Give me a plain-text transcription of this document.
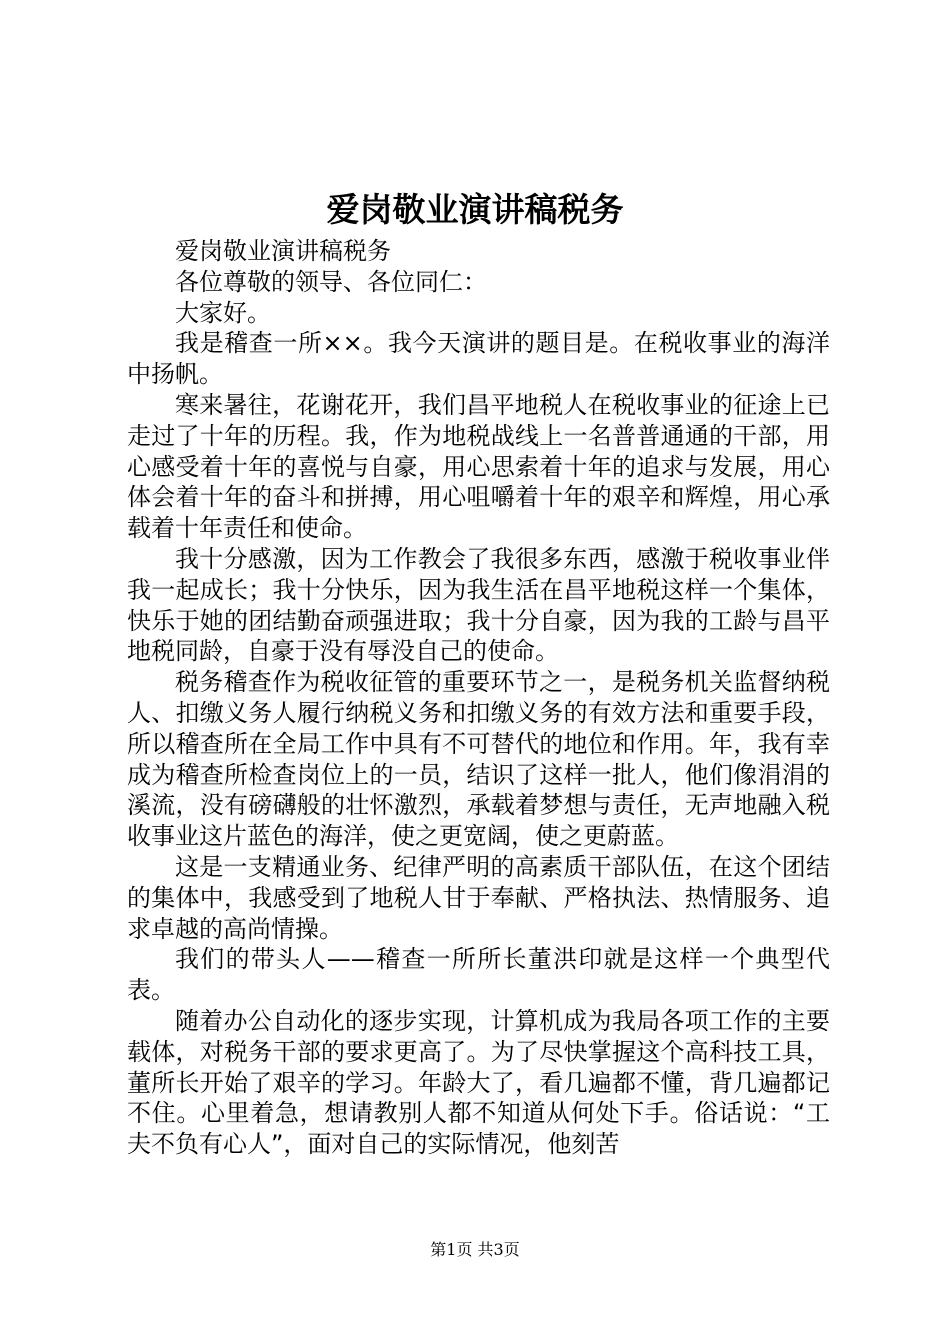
爱岗敬业演讲稿税务

爱岗敬业演讲稿税务

各位尊敬的领导、各位同仁：

大家好。

我是稽查一所××。我今天演讲的题目是。在税收事业的海洋中扬帆。

寒来暑往，花谢花开，我们昌平地税人在税收事业的征途上已走过了十年的历程。我，作为地税战线上一名普普通通的干部，用心感受着十年的喜悦与自豪，用心思索着十年的追求与发展，用心体会着十年的奋斗和拼搏，用心咀嚼着十年的艰辛和辉煌，用心承载着十年责任和使命。

我十分感激，因为工作教会了我很多东西，感激于税收事业伴我一起成长；我十分快乐，因为我生活在昌平地税这样一个集体，快乐于她的团结勤奋顽强进取；我十分自豪，因为我的工龄与昌平地税同龄，自豪于没有辱没自己的使命。

税务稽查作为税收征管的重要环节之一，是税务机关监督纳税人、扣缴义务人履行纳税义务和扣缴义务的有效方法和重要手段，所以稽查所在全局工作中具有不可替代的地位和作用。年，我有幸成为稽查所检查岗位上的一员，结识了这样一批人，他们像涓涓的溪流，没有磅礴般的壮怀激烈，承载着梦想与责任，无声地融入税收事业这片蓝色的海洋，使之更宽阔，使之更蔚蓝。

这是一支精通业务、纪律严明的高素质干部队伍，在这个团结的集体中，我感受到了地税人甘于奉献、严格执法、热情服务、追求卓越的高尚情操。

我们的带头人——稽查一所所长董洪印就是这样一个典型代表。

随着办公自动化的逐步实现，计算机成为我局各项工作的主要载体，对税务干部的要求更高了。为了尽快掌握这个高科技工具，董所长开始了艰辛的学习。年龄大了，看几遍都不懂，背几遍都记不住。心里着急，想请教别人都不知道从何处下手。俗话说：“工夫不负有心人”，面对自己的实际情况，他刻苦

第1页 共3页
